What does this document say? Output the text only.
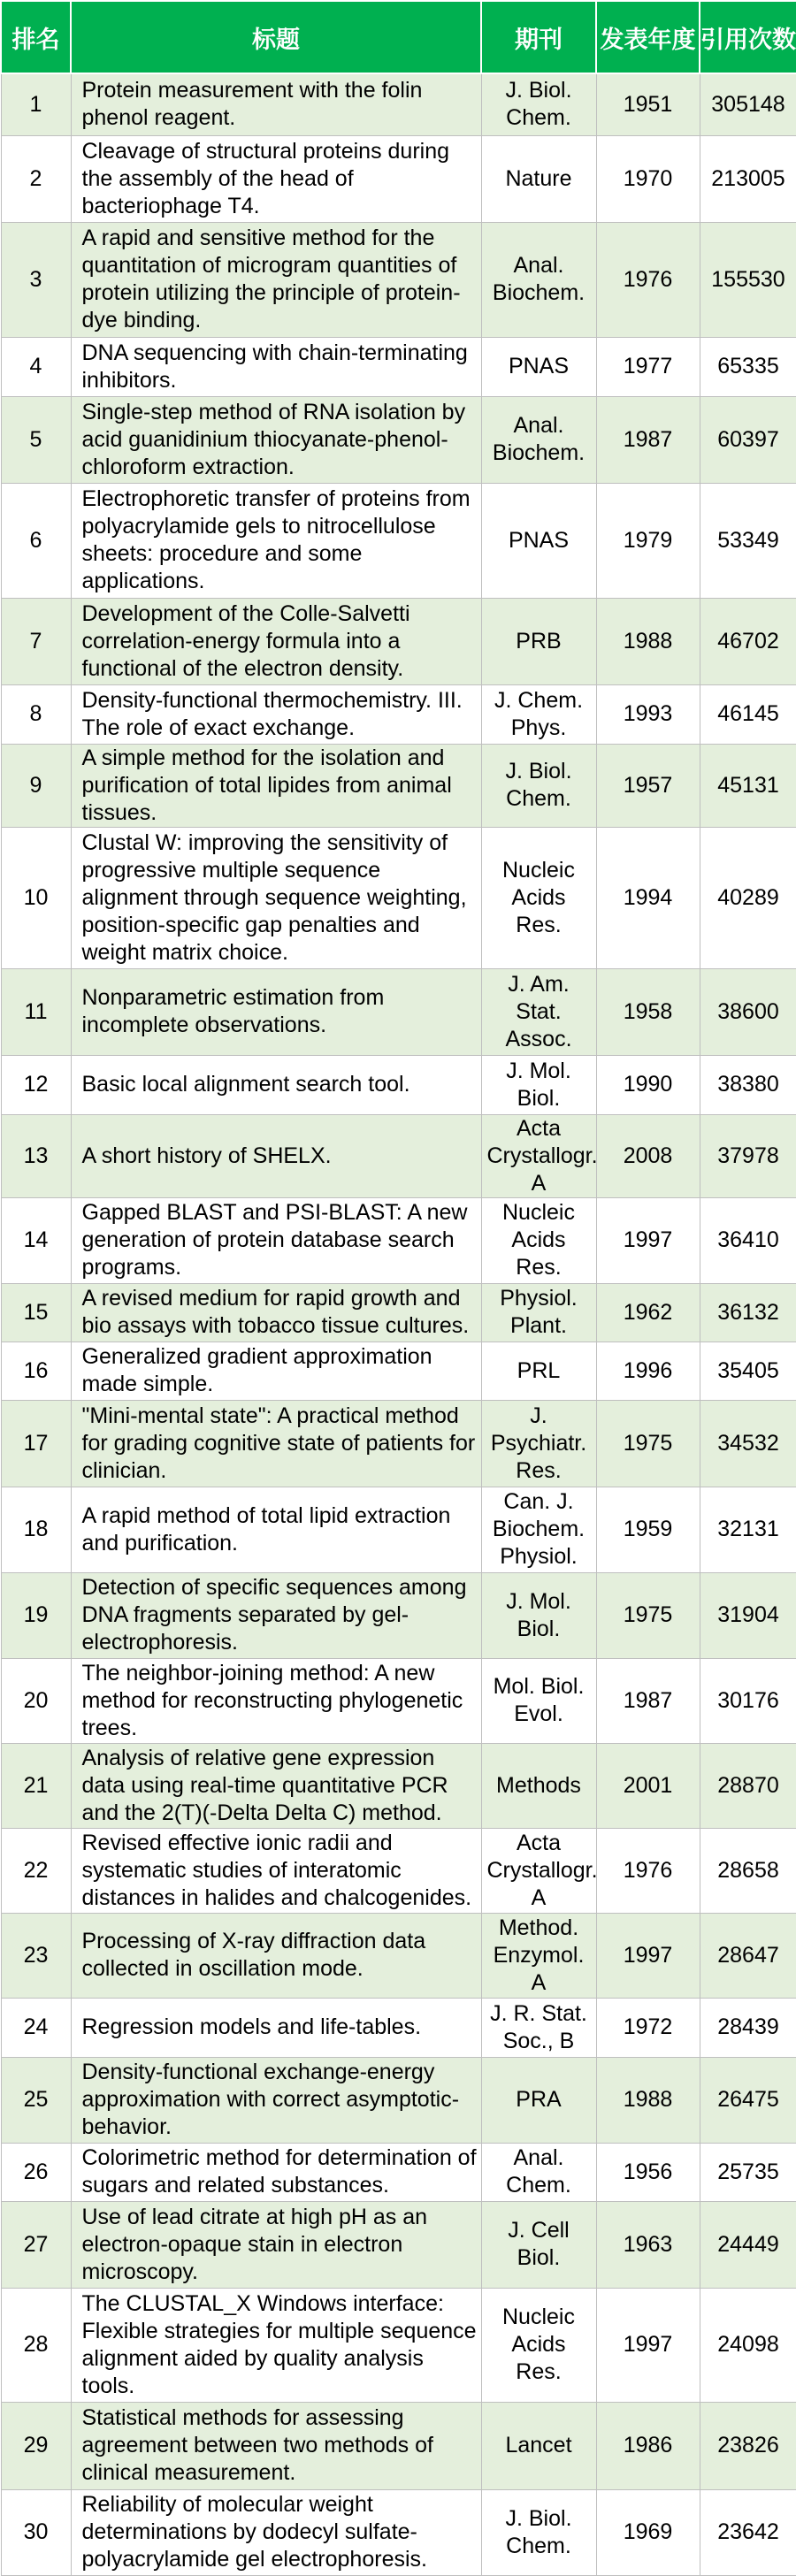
排名	标题	期刊	发表年度	引用次数
1	Protein measurement with the folin phenol reagent.	J. Biol. Chem.	1951	305148
2	Cleavage of structural proteins during the assembly of the head of bacteriophage T4.	Nature	1970	213005
3	A rapid and sensitive method for the quantitation of microgram quantities of protein utilizing the principle of protein-dye binding.	Anal. Biochem.	1976	155530
4	DNA sequencing with chain-terminating inhibitors.	PNAS	1977	65335
5	Single-step method of RNA isolation by acid guanidinium thiocyanate-phenol-chloroform extraction.	Anal. Biochem.	1987	60397
6	Electrophoretic transfer of proteins from polyacrylamide gels to nitrocellulose sheets: procedure and some applications.	PNAS	1979	53349
7	Development of the Colle-Salvetti correlation-energy formula into a functional of the electron density.	PRB	1988	46702
8	Density-functional thermochemistry. III. The role of exact exchange.	J. Chem. Phys.	1993	46145
9	A simple method for the isolation and purification of total lipides from animal tissues.	J. Biol. Chem.	1957	45131
10	Clustal W: improving the sensitivity of progressive multiple sequence alignment through sequence weighting, position-specific gap penalties and weight matrix choice.	Nucleic Acids Res.	1994	40289
11	Nonparametric estimation from incomplete observations.	J. Am. Stat. Assoc.	1958	38600
12	Basic local alignment search tool.	J. Mol. Biol.	1990	38380
13	A short history of SHELX.	Acta Crystallogr. A	2008	37978
14	Gapped BLAST and PSI-BLAST: A new generation of protein database search programs.	Nucleic Acids Res.	1997	36410
15	A revised medium for rapid growth and bio assays with tobacco tissue cultures.	Physiol. Plant.	1962	36132
16	Generalized gradient approximation made simple.	PRL	1996	35405
17	"Mini-mental state": A practical method for grading cognitive state of patients for clinician.	J. Psychiatr. Res.	1975	34532
18	A rapid method of total lipid extraction and purification.	Can. J. Biochem. Physiol.	1959	32131
19	Detection of specific sequences among DNA fragments separated by gel-electrophoresis.	J. Mol. Biol.	1975	31904
20	The neighbor-joining method: A new method for reconstructing phylogenetic trees.	Mol. Biol. Evol.	1987	30176
21	Analysis of relative gene expression data using real-time quantitative PCR and the 2(T)(-Delta Delta C) method.	Methods	2001	28870
22	Revised effective ionic radii and systematic studies of interatomic distances in halides and chalcogenides.	Acta Crystallogr. A	1976	28658
23	Processing of X-ray diffraction data collected in oscillation mode.	Method. Enzymol. A	1997	28647
24	Regression models and life-tables.	J. R. Stat. Soc., B	1972	28439
25	Density-functional exchange-energy approximation with correct asymptotic-behavior.	PRA	1988	26475
26	Colorimetric method for determination of sugars and related substances.	Anal. Chem.	1956	25735
27	Use of lead citrate at high pH as an electron-opaque stain in electron microscopy.	J. Cell Biol.	1963	24449
28	The CLUSTAL_X Windows interface: Flexible strategies for multiple sequence alignment aided by quality analysis tools.	Nucleic Acids Res.	1997	24098
29	Statistical methods for assessing agreement between two methods of clinical measurement.	Lancet	1986	23826
30	Reliability of molecular weight determinations by dodecyl sulfate-polyacrylamide gel electrophoresis.	J. Biol. Chem.	1969	23642
